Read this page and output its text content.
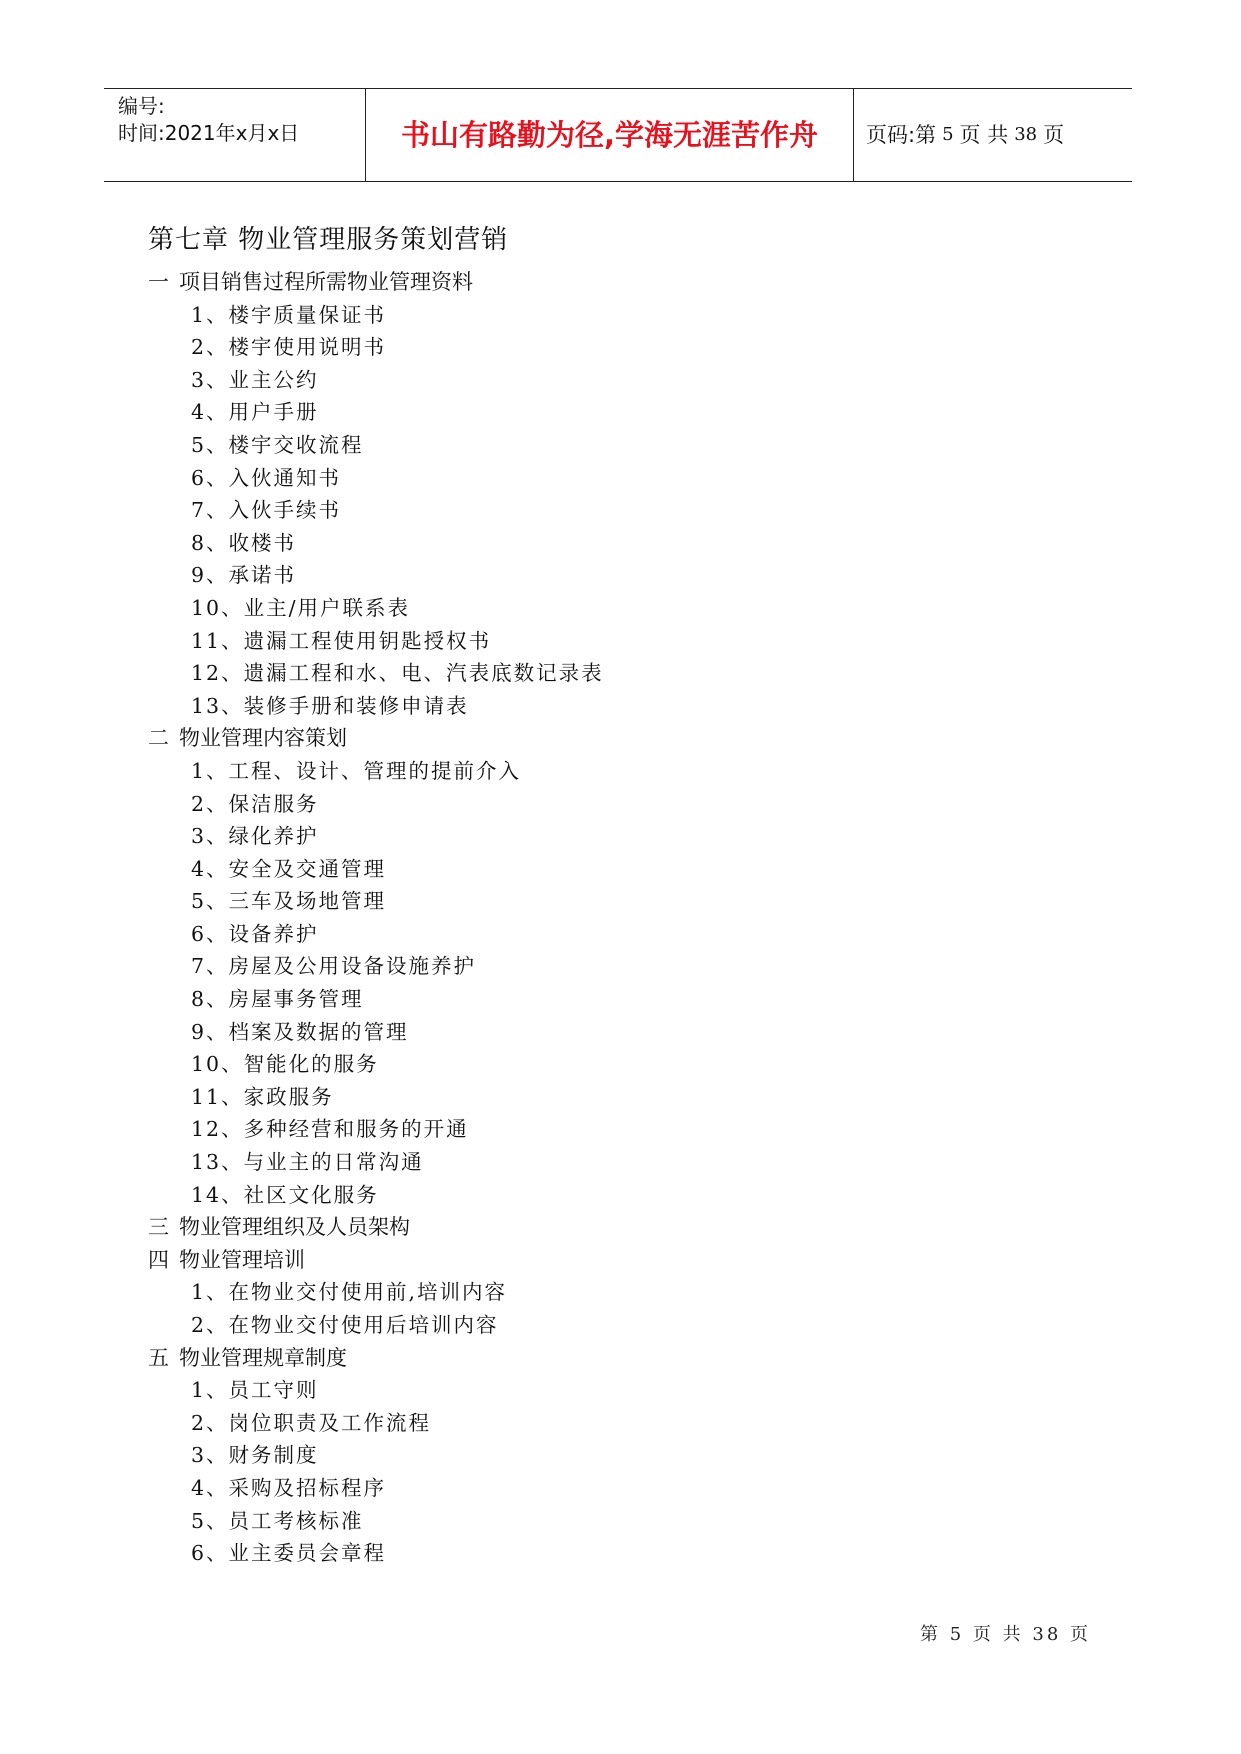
编号:
时间:2021年x月x日	书山有路勤为径,学海无涯苦作舟	页码:第 5 页 共 38 页
第七章 物业管理服务策划营销
一 项目销售过程所需物业管理资料
1、楼宇质量保证书
2、楼宇使用说明书
3、业主公约
4、用户手册
5、楼宇交收流程
6、入伙通知书
7、入伙手续书
8、收楼书
9、承诺书
10、业主/用户联系表
11、遗漏工程使用钥匙授权书
12、遗漏工程和水、电、汽表底数记录表
13、装修手册和装修申请表
二 物业管理内容策划
1、工程、设计、管理的提前介入
2、保洁服务
3、绿化养护
4、安全及交通管理
5、三车及场地管理
6、设备养护
7、房屋及公用设备设施养护
8、房屋事务管理
9、档案及数据的管理
10、智能化的服务
11、家政服务
12、多种经营和服务的开通
13、与业主的日常沟通
14、社区文化服务
三 物业管理组织及人员架构
四 物业管理培训
1、在物业交付使用前,培训内容
2、在物业交付使用后培训内容
五 物业管理规章制度
1、员工守则
2、岗位职责及工作流程
3、财务制度
4、采购及招标程序
5、员工考核标准
6、业主委员会章程
第 5 页 共 38 页
